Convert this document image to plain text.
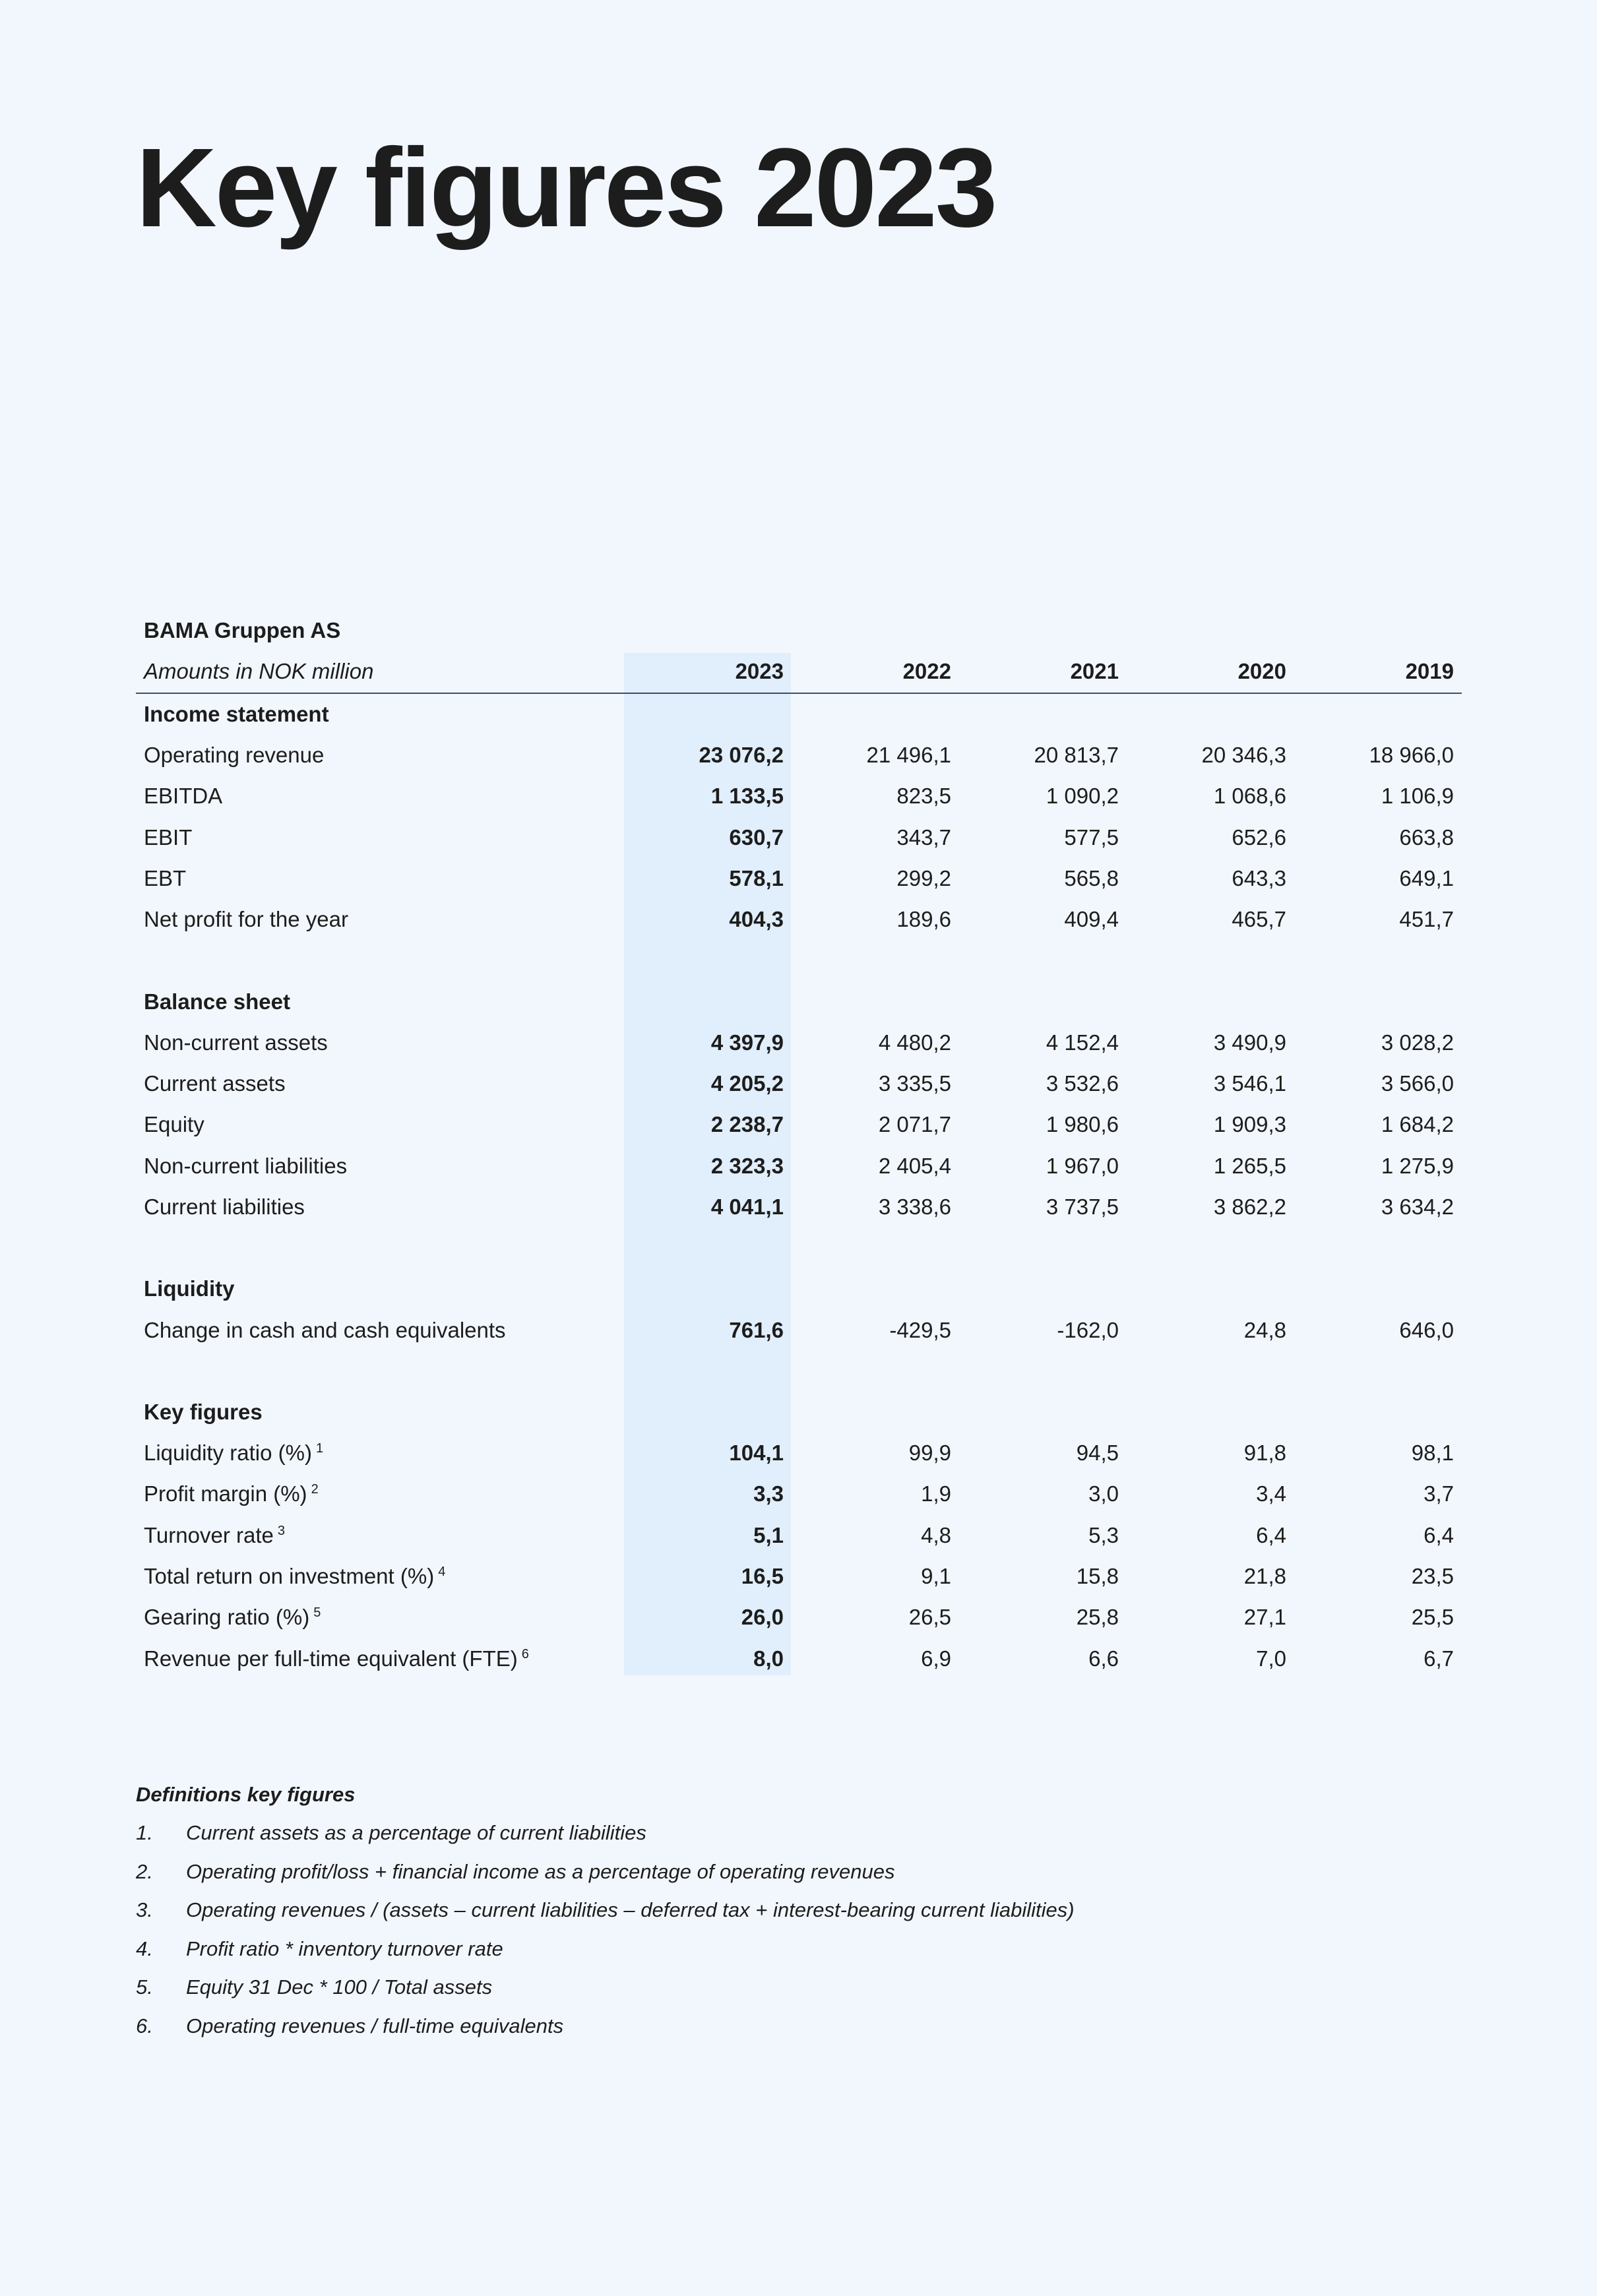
Key figures 2023
BAMA Gruppen AS					
Amounts in NOK million	2023	2022	2021	2020	2019
Income statement					
Operating revenue	23 076,2	21 496,1	20 813,7	20 346,3	18 966,0
EBITDA	1 133,5	823,5	1 090,2	1 068,6	1 106,9
EBIT	630,7	343,7	577,5	652,6	663,8
EBT	578,1	299,2	565,8	643,3	649,1
Net profit for the year	404,3	189,6	409,4	465,7	451,7

Balance sheet					
Non-current assets	4 397,9	4 480,2	4 152,4	3 490,9	3 028,2
Current assets	4 205,2	3 335,5	3 532,6	3 546,1	3 566,0
Equity	2 238,7	2 071,7	1 980,6	1 909,3	1 684,2
Non-current liabilities	2 323,3	2 405,4	1 967,0	1 265,5	1 275,9
Current liabilities	4 041,1	3 338,6	3 737,5	3 862,2	3 634,2

Liquidity					
Change in cash and cash equivalents	761,6	-429,5	-162,0	24,8	646,0

Key figures					
Liquidity ratio (%) $^1$	104,1	99,9	94,5	91,8	98,1
Profit margin (%) $^2$	3,3	1,9	3,0	3,4	3,7
Turnover rate $^3$	5,1	4,8	5,3	6,4	6,4
Total return on investment (%) $^4$	16,5	9,1	15,8	21,8	23,5
Gearing ratio (%) $^5$	26,0	26,5	25,8	27,1	25,5
Revenue per full-time equivalent (FTE) $^6$	8,0	6,9	6,6	7,0	6,7
Definitions key figures
1.	Current assets as a percentage of current liabilities
2.	Operating profit/loss + financial income as a percentage of operating revenues
3.	Operating revenues / (assets – current liabilities – deferred tax + interest-bearing current liabilities)
4.	Profit ratio * inventory turnover rate
5.	Equity 31 Dec * 100 / Total assets
6.	Operating revenues / full-time equivalents
